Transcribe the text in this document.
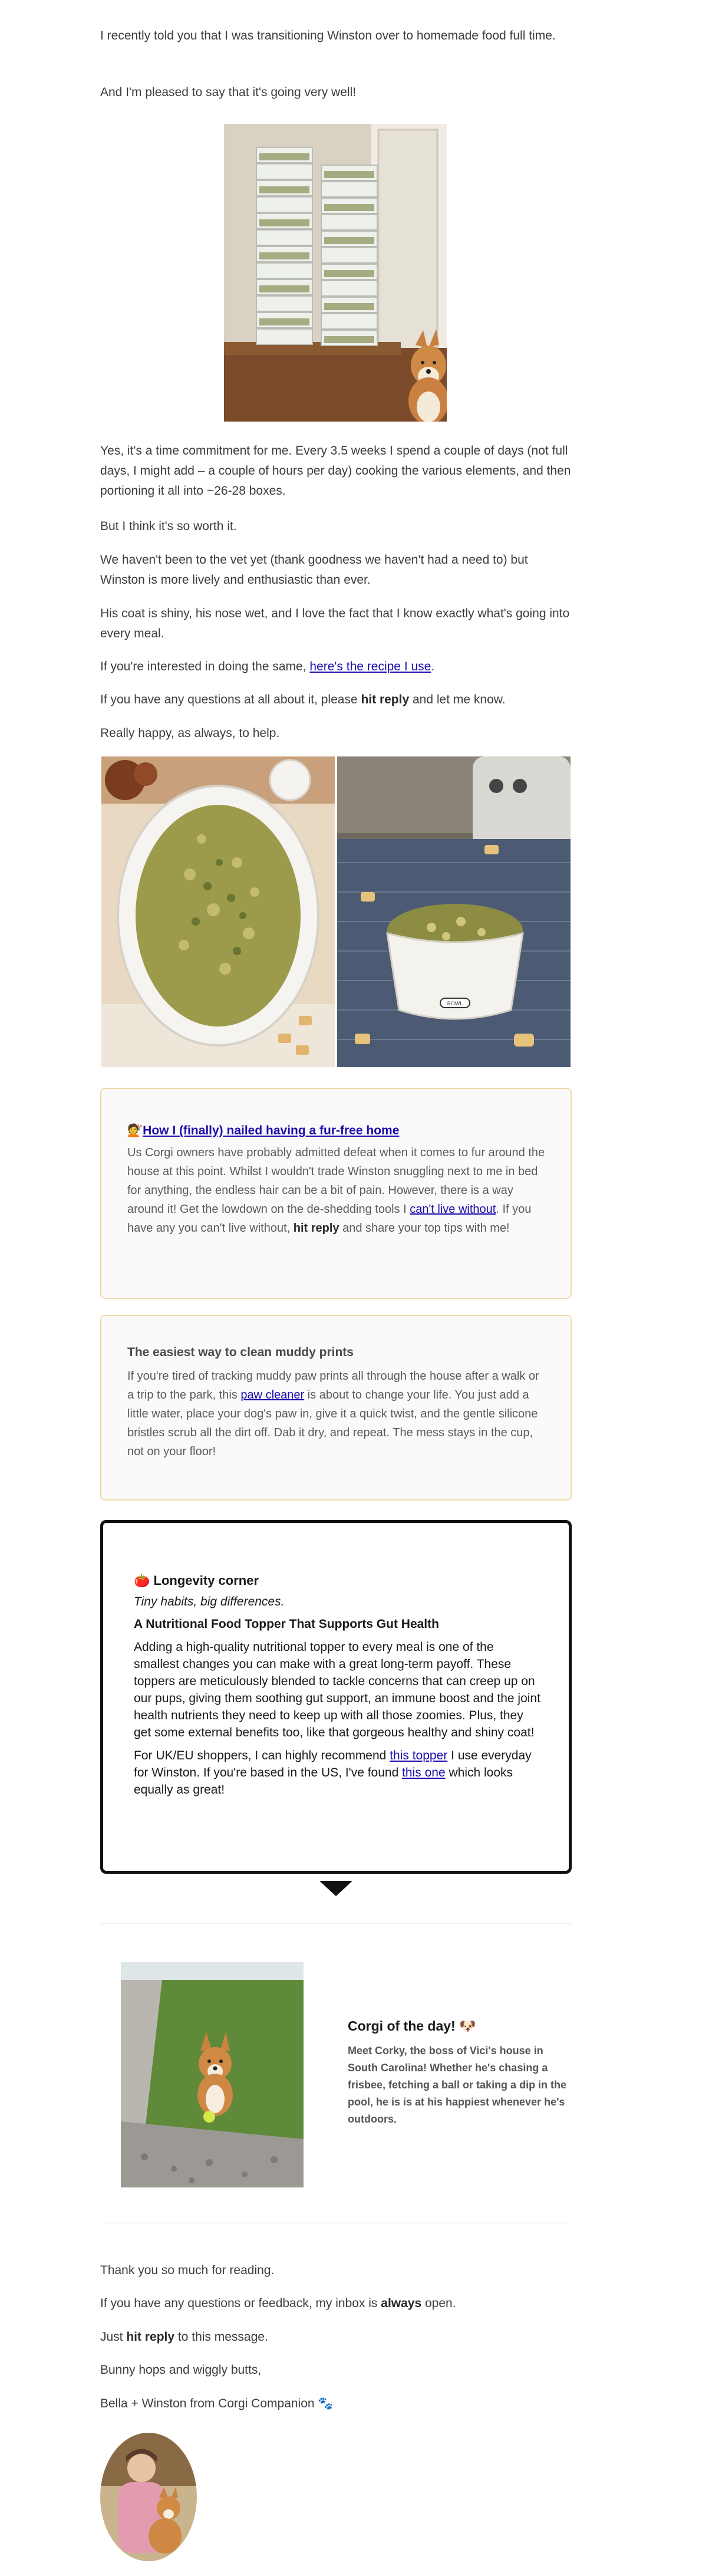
I recently told you that I was transitioning Winston over to homemade food full time.

And I'm pleased to say that it's going very well!

Yes, it's a time commitment for me. Every 3.5 weeks I spend a couple of days (not full days, I might add – a couple of hours per day) cooking the various elements, and then portioning it all into ~26-28 boxes.

But I think it's so worth it.

We haven't been to the vet yet (thank goodness we haven't had a need to) but Winston is more lively and enthusiastic than ever.

His coat is shiny, his nose wet, and I love the fact that I know exactly what's going into every meal.

If you're interested in doing the same, here's the recipe I use.

If you have any questions at all about it, please hit reply and let me know.

Really happy, as always, to help.

BOWL
💇How I (finally) nailed having a fur-free home

Us Corgi owners have probably admitted defeat when it comes to fur around the house at this point. Whilst I wouldn't trade Winston snuggling next to me in bed for anything, the endless hair can be a bit of pain. However, there is a way around it! Get the lowdown on the de-shedding tools I can't live without. If you have any you can't live without, hit reply and share your top tips with me!

The easiest way to clean muddy prints

If you're tired of tracking muddy paw prints all through the house after a walk or a trip to the park, this paw cleaner is about to change your life. You just add a little water, place your dog's paw in, give it a quick twist, and the gentle silicone bristles scrub all the dirt off. Dab it dry, and repeat. The mess stays in the cup, not on your floor!

🍅 Longevity corner
Tiny habits, big differences.
A Nutritional Food Topper That Supports Gut Health

Adding a high-quality nutritional topper to every meal is one of the smallest changes you can make with a great long-term payoff. These toppers are meticulously blended to tackle concerns that can creep up on our pups, giving them soothing gut support, an immune boost and the joint health nutrients they need to keep up with all those zoomies. Plus, they get some external benefits too, like that gorgeous healthy and shiny coat!

For UK/EU shoppers, I can highly recommend this topper I use everyday for Winston. If you're based in the US, I've found this one which looks equally as great!

Corgi of the day! 🐶

Meet Corky, the boss of Vici's house in South Carolina! Whether he's chasing a frisbee, fetching a ball or taking a dip in the pool, he is is at his happiest whenever he's outdoors.

Thank you so much for reading.

If you have any questions or feedback, my inbox is always open.

Just hit reply to this message.

Bunny hops and wiggly butts,

Bella + Winston from Corgi Companion 🐾
